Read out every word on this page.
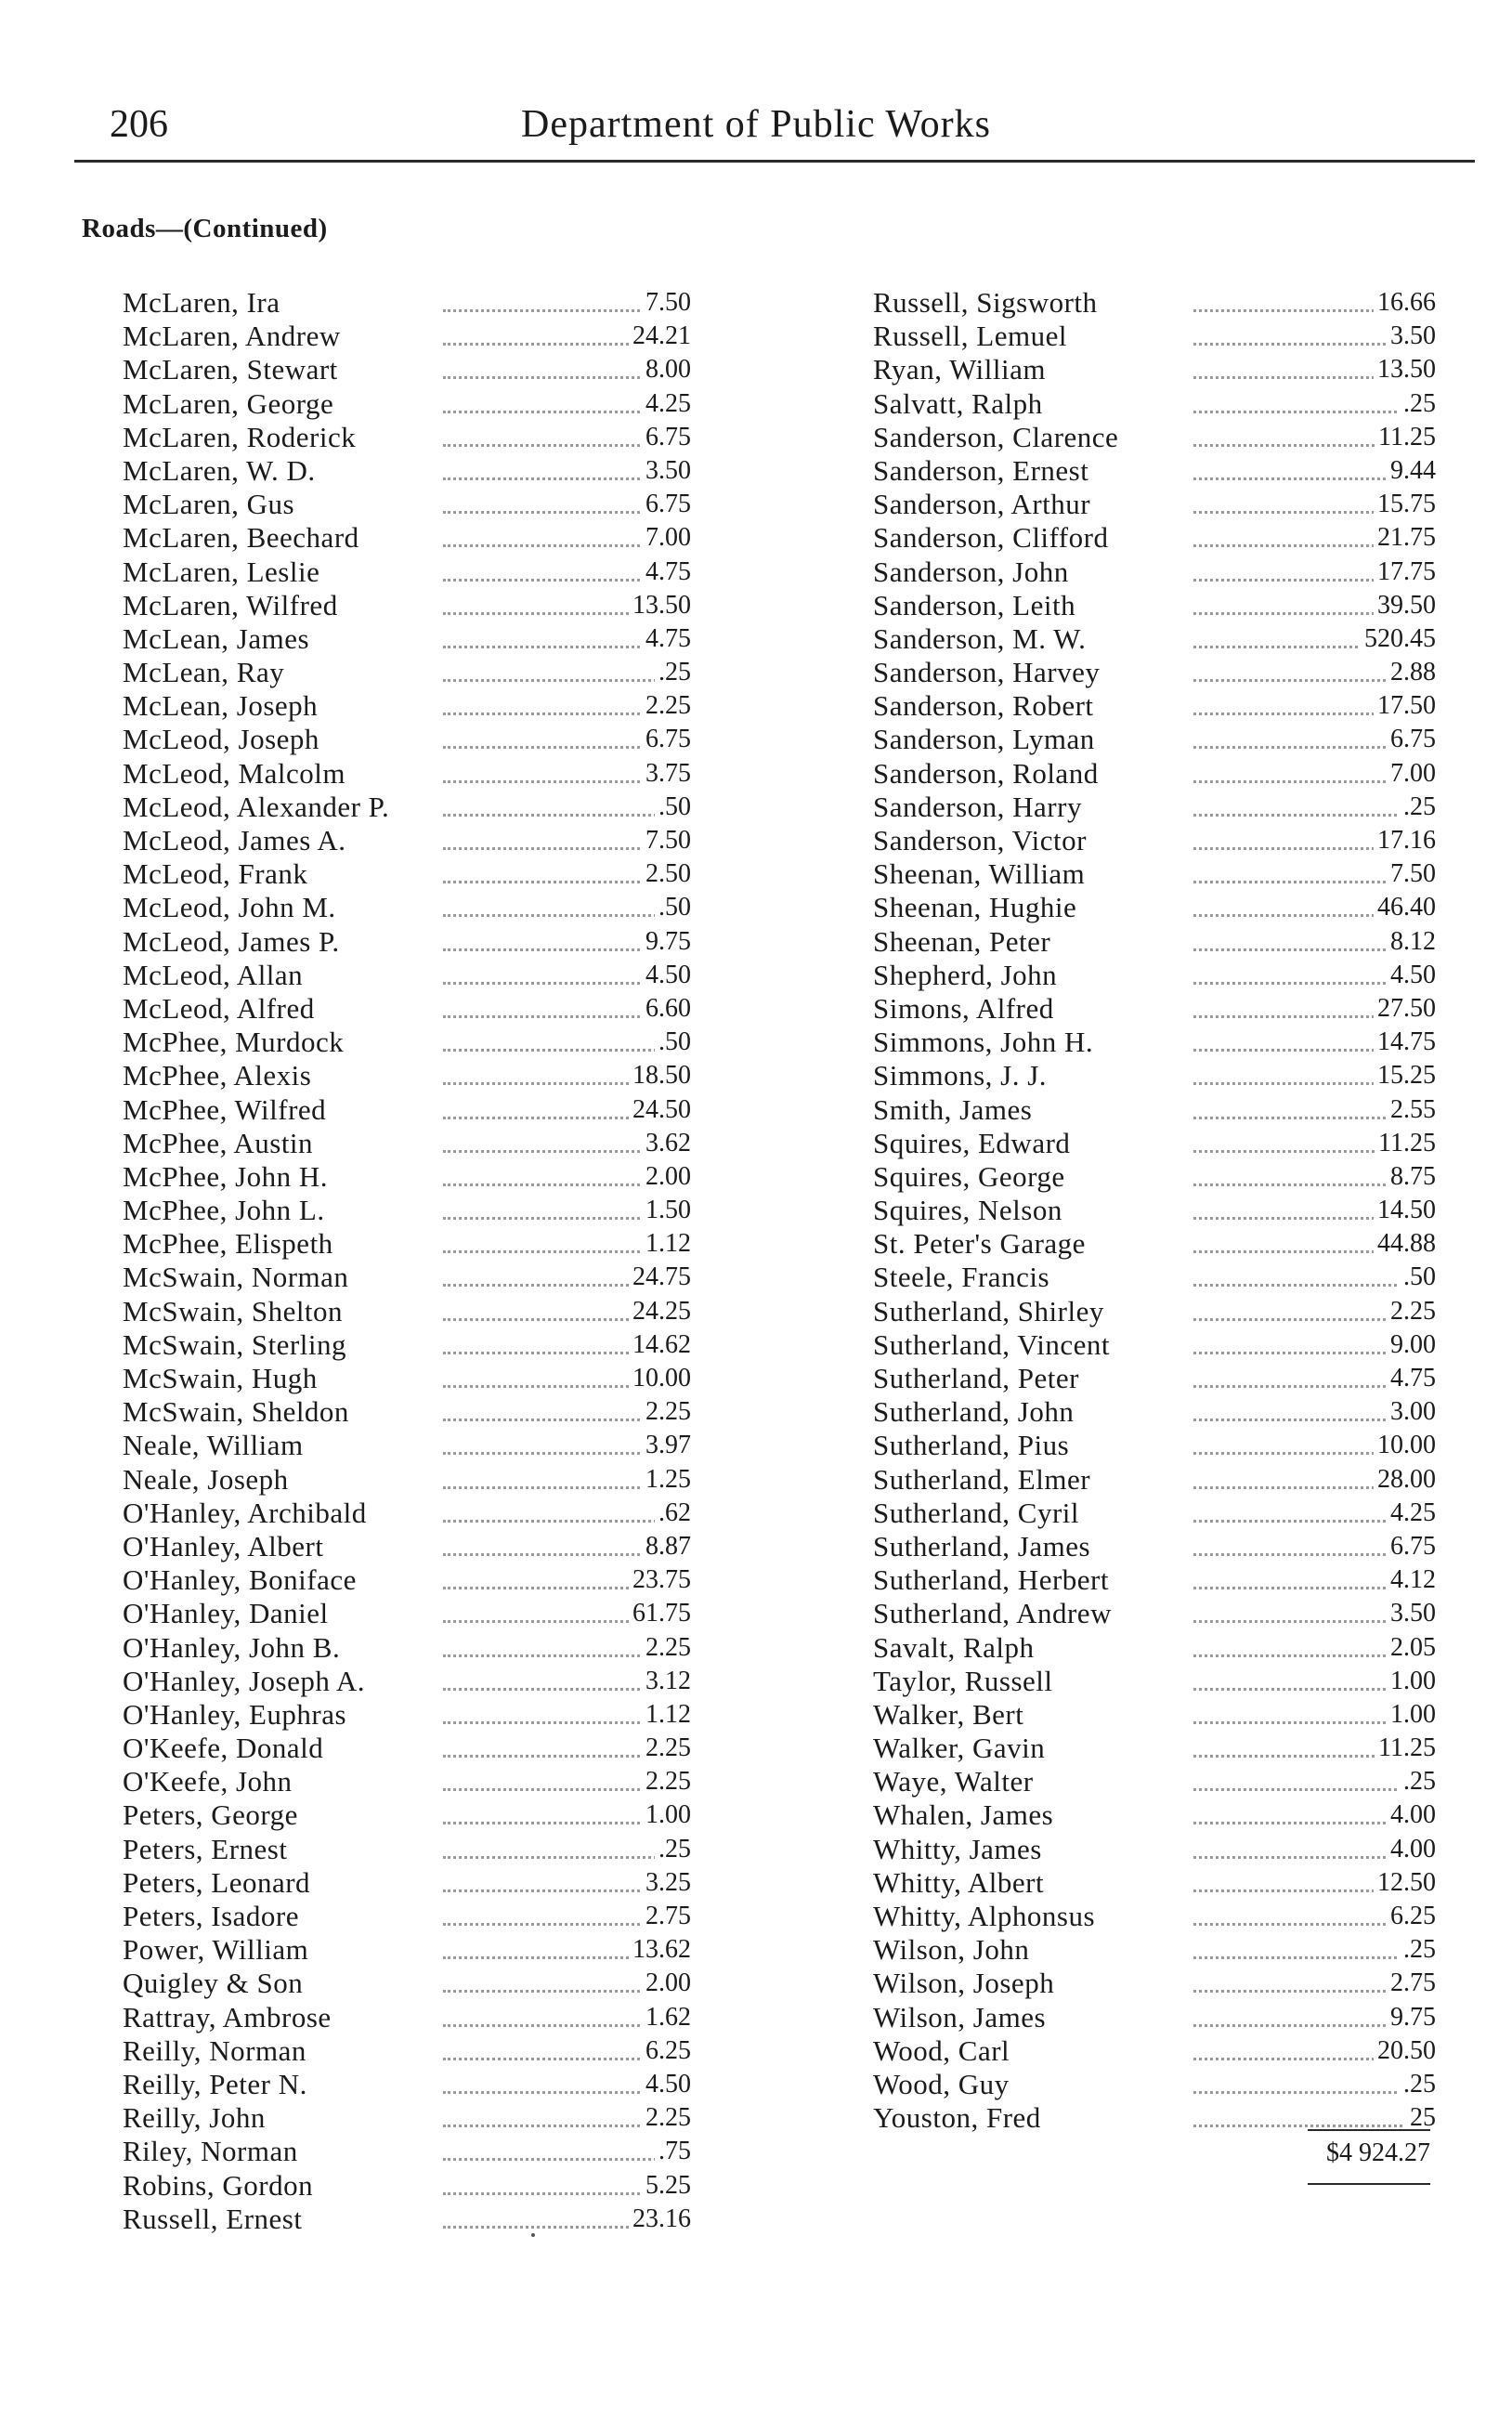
206	Department of Public Works
Roads—(Continued)
McLaren, Ira	7.50
McLaren, Andrew	24.21
McLaren, Stewart	8.00
McLaren, George	4.25
McLaren, Roderick	6.75
McLaren, W. D.	3.50
McLaren, Gus	6.75
McLaren, Beechard	7.00
McLaren, Leslie	4.75
McLaren, Wilfred	13.50
McLean, James	4.75
McLean, Ray	.25
McLean, Joseph	2.25
McLeod, Joseph	6.75
McLeod, Malcolm	3.75
McLeod, Alexander P.	.50
McLeod, James A.	7.50
McLeod, Frank	2.50
McLeod, John M.	.50
McLeod, James P.	9.75
McLeod, Allan	4.50
McLeod, Alfred	6.60
McPhee, Murdock	.50
McPhee, Alexis	18.50
McPhee, Wilfred	24.50
McPhee, Austin	3.62
McPhee, John H.	2.00
McPhee, John L.	1.50
McPhee, Elispeth	1.12
McSwain, Norman	24.75
McSwain, Shelton	24.25
McSwain, Sterling	14.62
McSwain, Hugh	10.00
McSwain, Sheldon	2.25
Neale, William	3.97
Neale, Joseph	1.25
O'Hanley, Archibald	.62
O'Hanley, Albert	8.87
O'Hanley, Boniface	23.75
O'Hanley, Daniel	61.75
O'Hanley, John B.	2.25
O'Hanley, Joseph A.	3.12
O'Hanley, Euphras	1.12
O'Keefe, Donald	2.25
O'Keefe, John	2.25
Peters, George	1.00
Peters, Ernest	.25
Peters, Leonard	3.25
Peters, Isadore	2.75
Power, William	13.62
Quigley & Son	2.00
Rattray, Ambrose	1.62
Reilly, Norman	6.25
Reilly, Peter N.	4.50
Reilly, John	2.25
Riley, Norman	.75
Robins, Gordon	5.25
Russell, Ernest	23.16
Russell, Sigsworth	16.66
Russell, Lemuel	3.50
Ryan, William	13.50
Salvatt, Ralph	.25
Sanderson, Clarence	11.25
Sanderson, Ernest	9.44
Sanderson, Arthur	15.75
Sanderson, Clifford	21.75
Sanderson, John	17.75
Sanderson, Leith	39.50
Sanderson, M. W.	520.45
Sanderson, Harvey	2.88
Sanderson, Robert	17.50
Sanderson, Lyman	6.75
Sanderson, Roland	7.00
Sanderson, Harry	.25
Sanderson, Victor	17.16
Sheenan, William	7.50
Sheenan, Hughie	46.40
Sheenan, Peter	8.12
Shepherd, John	4.50
Simons, Alfred	27.50
Simmons, John H.	14.75
Simmons, J. J.	15.25
Smith, James	2.55
Squires, Edward	11.25
Squires, George	8.75
Squires, Nelson	14.50
St. Peter's Garage	44.88
Steele, Francis	.50
Sutherland, Shirley	2.25
Sutherland, Vincent	9.00
Sutherland, Peter	4.75
Sutherland, John	3.00
Sutherland, Pius	10.00
Sutherland, Elmer	28.00
Sutherland, Cyril	4.25
Sutherland, James	6.75
Sutherland, Herbert	4.12
Sutherland, Andrew	3.50
Savalt, Ralph	2.05
Taylor, Russell	1.00
Walker, Bert	1.00
Walker, Gavin	11.25
Waye, Walter	.25
Whalen, James	4.00
Whitty, James	4.00
Whitty, Albert	12.50
Whitty, Alphonsus	6.25
Wilson, John	.25
Wilson, Joseph	2.75
Wilson, James	9.75
Wood, Carl	20.50
Wood, Guy	.25
Youston, Fred	25
$4 924.27
